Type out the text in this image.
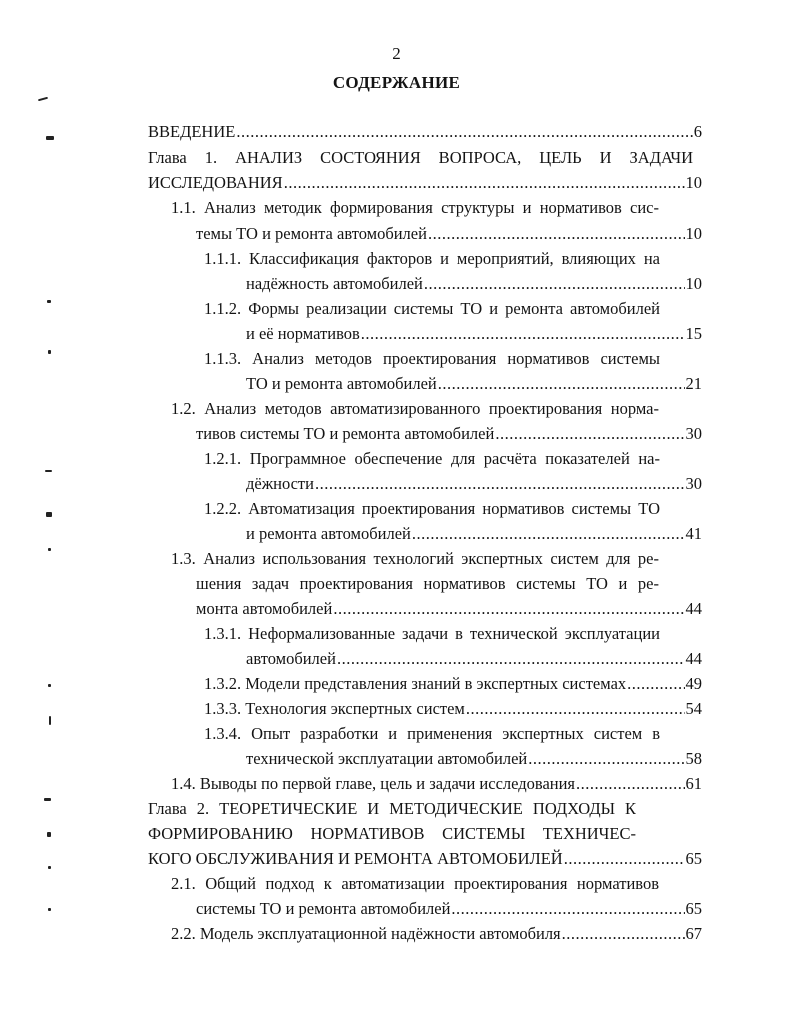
2
СОДЕРЖАНИЕ
ВВЕДЕНИЕ .....	6
Глава 1. АНАЛИЗ СОСТОЯНИЯ ВОПРОСА, ЦЕЛЬ И ЗАДАЧИ
ИССЛЕДОВАНИЯ .....	10
1.1. Анализ методик формирования структуры и нормативов сис-
темы ТО и ремонта автомобилей .....	10
1.1.1. Классификация факторов и мероприятий, влияющих на
надёжность автомобилей .....	10
1.1.2. Формы реализации системы ТО и ремонта автомобилей
и её нормативов .....	15
1.1.3. Анализ методов проектирования нормативов системы
ТО и ремонта автомобилей .....	21
1.2. Анализ методов автоматизированного проектирования норма-
тивов системы ТО и ремонта автомобилей .....	30
1.2.1. Программное обеспечение для расчёта показателей на-
дёжности .....	30
1.2.2. Автоматизация проектирования нормативов системы ТО
и ремонта автомобилей .....	41
1.3. Анализ использования технологий экспертных систем для ре-
шения задач проектирования нормативов системы ТО и ре-
монта автомобилей .....	44
1.3.1. Неформализованные задачи в технической эксплуатации
автомобилей .....	44
1.3.2. Модели представления знаний в экспертных системах .....	49
1.3.3. Технология экспертных систем .....	54
1.3.4. Опыт разработки и применения экспертных систем в
технической эксплуатации автомобилей .....	58
1.4. Выводы по первой главе, цель и задачи исследования .....	61
Глава 2. ТЕОРЕТИЧЕСКИЕ И МЕТОДИЧЕСКИЕ ПОДХОДЫ К
ФОРМИРОВАНИЮ НОРМАТИВОВ СИСТЕМЫ ТЕХНИЧЕС-
КОГО ОБСЛУЖИВАНИЯ И РЕМОНТА АВТОМОБИЛЕЙ .....	65
2.1. Общий подход к автоматизации проектирования нормативов
системы ТО и ремонта автомобилей .....	65
2.2. Модель эксплуатационной надёжности автомобиля .....	67
